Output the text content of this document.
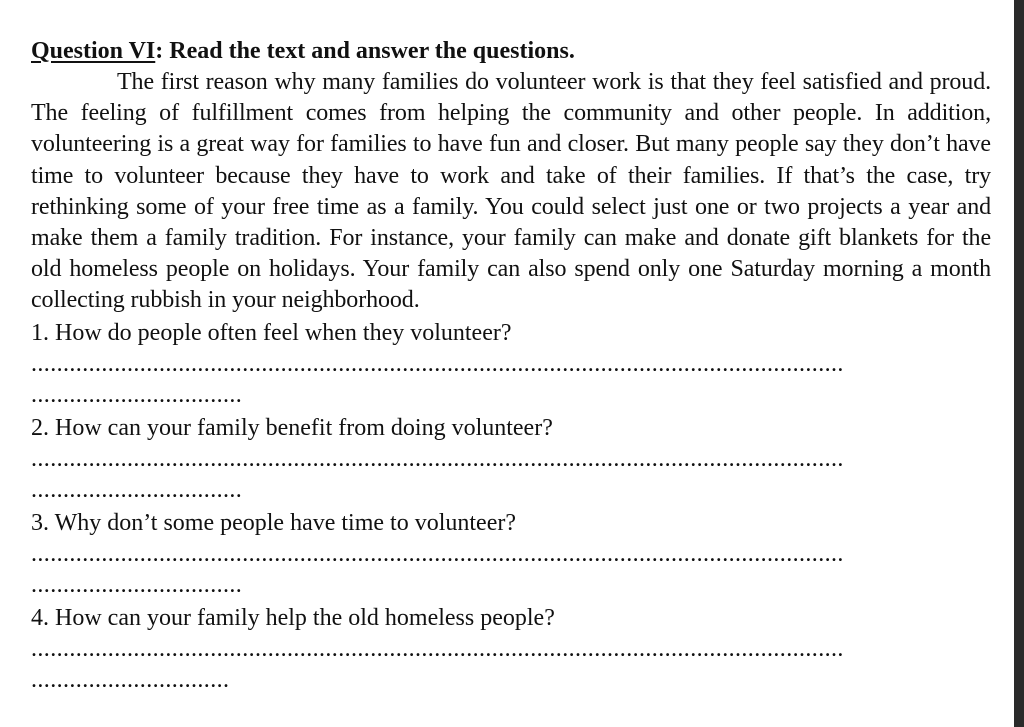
Question VI: Read the text and answer the questions.

The first reason why many families do volunteer work is that they feel satisfied and proud. The feeling of fulfillment comes from helping the community and other people. In addition, volunteering is a great way for families to have fun and closer. But many people say they don’t have time to volunteer because they have to work and take of their families. If that’s the case, try rethinking some of your free time as a family. You could select just one or two projects a year and make them a family tradition. For instance, your family can make and donate gift blankets for the old homeless people on holidays. Your family can also spend only one Saturday morning a month collecting rubbish in your neighborhood.

1. How do people often feel when they volunteer?

...............................................................................................................................

.................................

2. How can your family benefit from doing volunteer?

...............................................................................................................................

.................................

3. Why don’t some people have time to volunteer?

...............................................................................................................................

.................................

4. How can your family help the old homeless people?

...............................................................................................................................

...............................
